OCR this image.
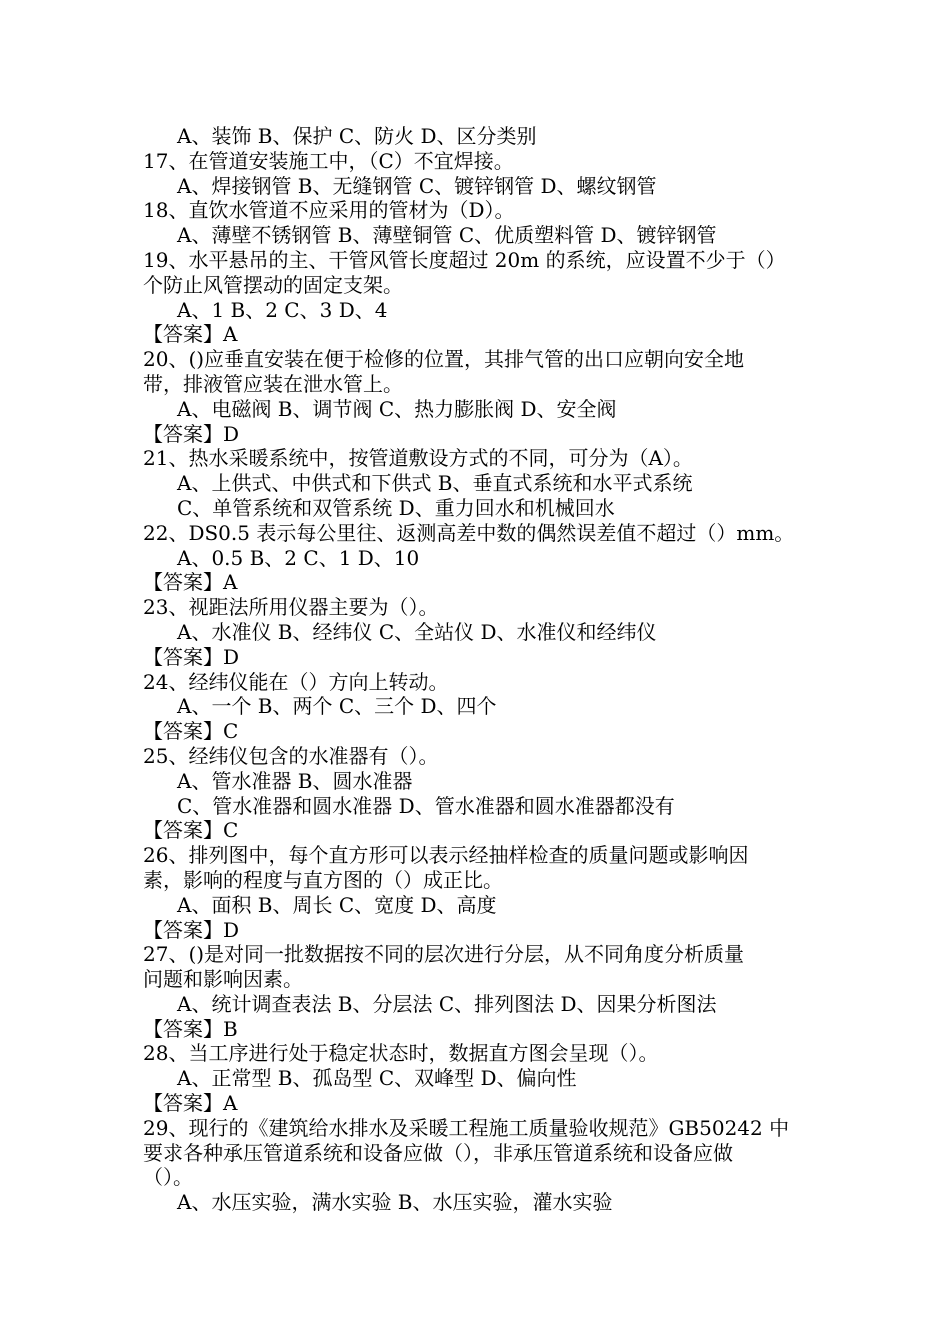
A、装饰 B、保护 C、防火 D、区分类别
17、在管道安装施工中，（C）不宜焊接。
A、焊接钢管 B、无缝钢管 C、镀锌钢管 D、螺纹钢管
18、直饮水管道不应采用的管材为（D）。
A、薄壁不锈钢管 B、薄壁铜管 C、优质塑料管 D、镀锌钢管
19、水平悬吊的主、干管风管长度超过 20m 的系统，应设置不少于（）
个防止风管摆动的固定支架。
A、1 B、2 C、3 D、4
【答案】A
20、()应垂直安装在便于检修的位置，其排气管的出口应朝向安全地
带，排液管应装在泄水管上。
A、电磁阀 B、调节阀 C、热力膨胀阀 D、安全阀
【答案】D
21、热水采暖系统中，按管道敷设方式的不同，可分为（A）。
A、上供式、中供式和下供式 B、垂直式系统和水平式系统
C、单管系统和双管系统 D、重力回水和机械回水
22、DS0.5 表示每公里往、返测高差中数的偶然误差值不超过（）mm。
A、0.5 B、2 C、1 D、10
【答案】A
23、视距法所用仪器主要为（）。
A、水准仪 B、经纬仪 C、全站仪 D、水准仪和经纬仪
【答案】D
24、经纬仪能在（）方向上转动。
A、一个 B、两个 C、三个 D、四个
【答案】C
25、经纬仪包含的水准器有（）。
A、管水准器 B、圆水准器
C、管水准器和圆水准器 D、管水准器和圆水准器都没有
【答案】C
26、排列图中，每个直方形可以表示经抽样检查的质量问题或影响因
素，影响的程度与直方图的（）成正比。
A、面积 B、周长 C、宽度 D、高度
【答案】D
27、()是对同一批数据按不同的层次进行分层，从不同角度分析质量
问题和影响因素。
A、统计调查表法 B、分层法 C、排列图法 D、因果分析图法
【答案】B
28、当工序进行处于稳定状态时，数据直方图会呈现（）。
A、正常型 B、孤岛型 C、双峰型 D、偏向性
【答案】A
29、现行的《建筑给水排水及采暖工程施工质量验收规范》GB50242 中
要求各种承压管道系统和设备应做（），非承压管道系统和设备应做
（）。
A、水压实验，满水实验 B、水压实验，灌水实验
